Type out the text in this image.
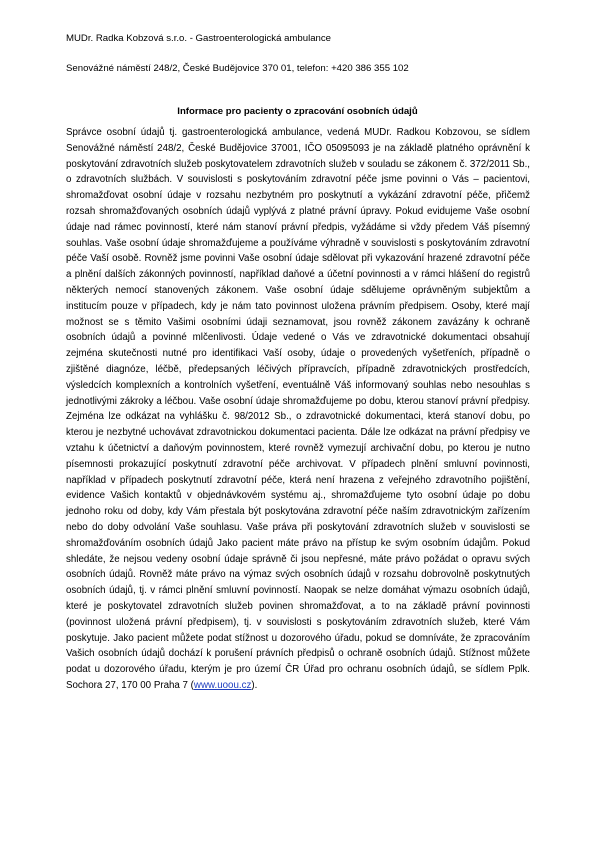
MUDr. Radka Kobzová s.r.o. - Gastroenterologická ambulance
Senovážné náměstí 248/2, České Budějovice 370 01, telefon: +420 386 355 102
Informace pro pacienty o zpracování osobních údajů
Správce osobní údajů tj. gastroenterologická ambulance, vedená MUDr. Radkou Kobzovou, se sídlem Senovážné náměstí 248/2, České Budějovice 37001, IČO 05095093 je na základě platného oprávnění k poskytování zdravotních služeb poskytovatelem zdravotních služeb v souladu se zákonem č. 372/2011 Sb., o zdravotních službách. V souvislosti s poskytováním zdravotní péče jsme povinni o Vás – pacientovi, shromažďovat osobní údaje v rozsahu nezbytném pro poskytnutí a vykázání zdravotní péče, přičemž rozsah shromažďovaných osobních údajů vyplývá z platné právní úpravy. Pokud evidujeme Vaše osobní údaje nad rámec povinností, které nám stanoví právní předpis, vyžádáme si vždy předem Váš písemný souhlas. Vaše osobní údaje shromažďujeme a používáme výhradně v souvislosti s poskytováním zdravotní péče Vaší osobě. Rovněž jsme povinni Vaše osobní údaje sdělovat při vykazování hrazené zdravotní péče a plnění dalších zákonných povinností, například daňové a účetní povinnosti a v rámci hlášení do registrů některých nemocí stanovených zákonem. Vaše osobní údaje sdělujeme oprávněným subjektům a institucím pouze v případech, kdy je nám tato povinnost uložena právním předpisem. Osoby, které mají možnost se s těmito Vašimi osobními údaji seznamovat, jsou rovněž zákonem zavázány k ochraně osobních údajů a povinné mlčenlivosti. Údaje vedené o Vás ve zdravotnické dokumentaci obsahují zejména skutečnosti nutné pro identifikaci Vaší osoby, údaje o provedených vyšetřeních, případně o zjištěné diagnóze, léčbě, předepsaných léčivých přípravcích, případně zdravotnických prostředcích, výsledcích komplexních a kontrolních vyšetření, eventuálně Váš informovaný souhlas nebo nesouhlas s jednotlivými zákroky a léčbou. Vaše osobní údaje shromažďujeme po dobu, kterou stanoví právní předpisy. Zejména lze odkázat na vyhlášku č. 98/2012 Sb., o zdravotnické dokumentaci, která stanoví dobu, po kterou je nezbytné uchovávat zdravotnickou dokumentaci pacienta. Dále lze odkázat na právní předpisy ve vztahu k účetnictví a daňovým povinnostem, které rovněž vymezují archivační dobu, po kterou je nutno písemnosti prokazující poskytnutí zdravotní péče archivovat. V případech plnění smluvní povinnosti, například v případech poskytnutí zdravotní péče, která není hrazena z veřejného zdravotního pojištění, evidence Vašich kontaktů v objednávkovém systému aj., shromažďujeme tyto osobní údaje po dobu jednoho roku od doby, kdy Vám přestala být poskytována zdravotní péče naším zdravotnickým zařízením nebo do doby odvolání Vaše souhlasu. Vaše práva při poskytování zdravotních služeb v souvislosti se shromažďováním osobních údajů Jako pacient máte právo na přístup ke svým osobním údajům. Pokud shledáte, že nejsou vedeny osobní údaje správně či jsou nepřesné, máte právo požádat o opravu svých osobních údajů. Rovněž máte právo na výmaz svých osobních údajů v rozsahu dobrovolně poskytnutých osobních údajů, tj. v rámci plnění smluvní povinností. Naopak se nelze domáhat výmazu osobních údajů, které je poskytovatel zdravotních služeb povinen shromažďovat, a to na základě právní povinnosti (povinnost uložená právní předpisem), tj. v souvislosti s poskytováním zdravotních služeb, které Vám poskytuje. Jako pacient můžete podat stížnost u dozorového úřadu, pokud se domníváte, že zpracováním Vašich osobních údajů dochází k porušení právních předpisů o ochraně osobních údajů. Stížnost můžete podat u dozorového úřadu, kterým je pro území ČR Úřad pro ochranu osobních údajů, se sídlem Pplk. Sochora 27, 170 00 Praha 7 (www.uoou.cz).
